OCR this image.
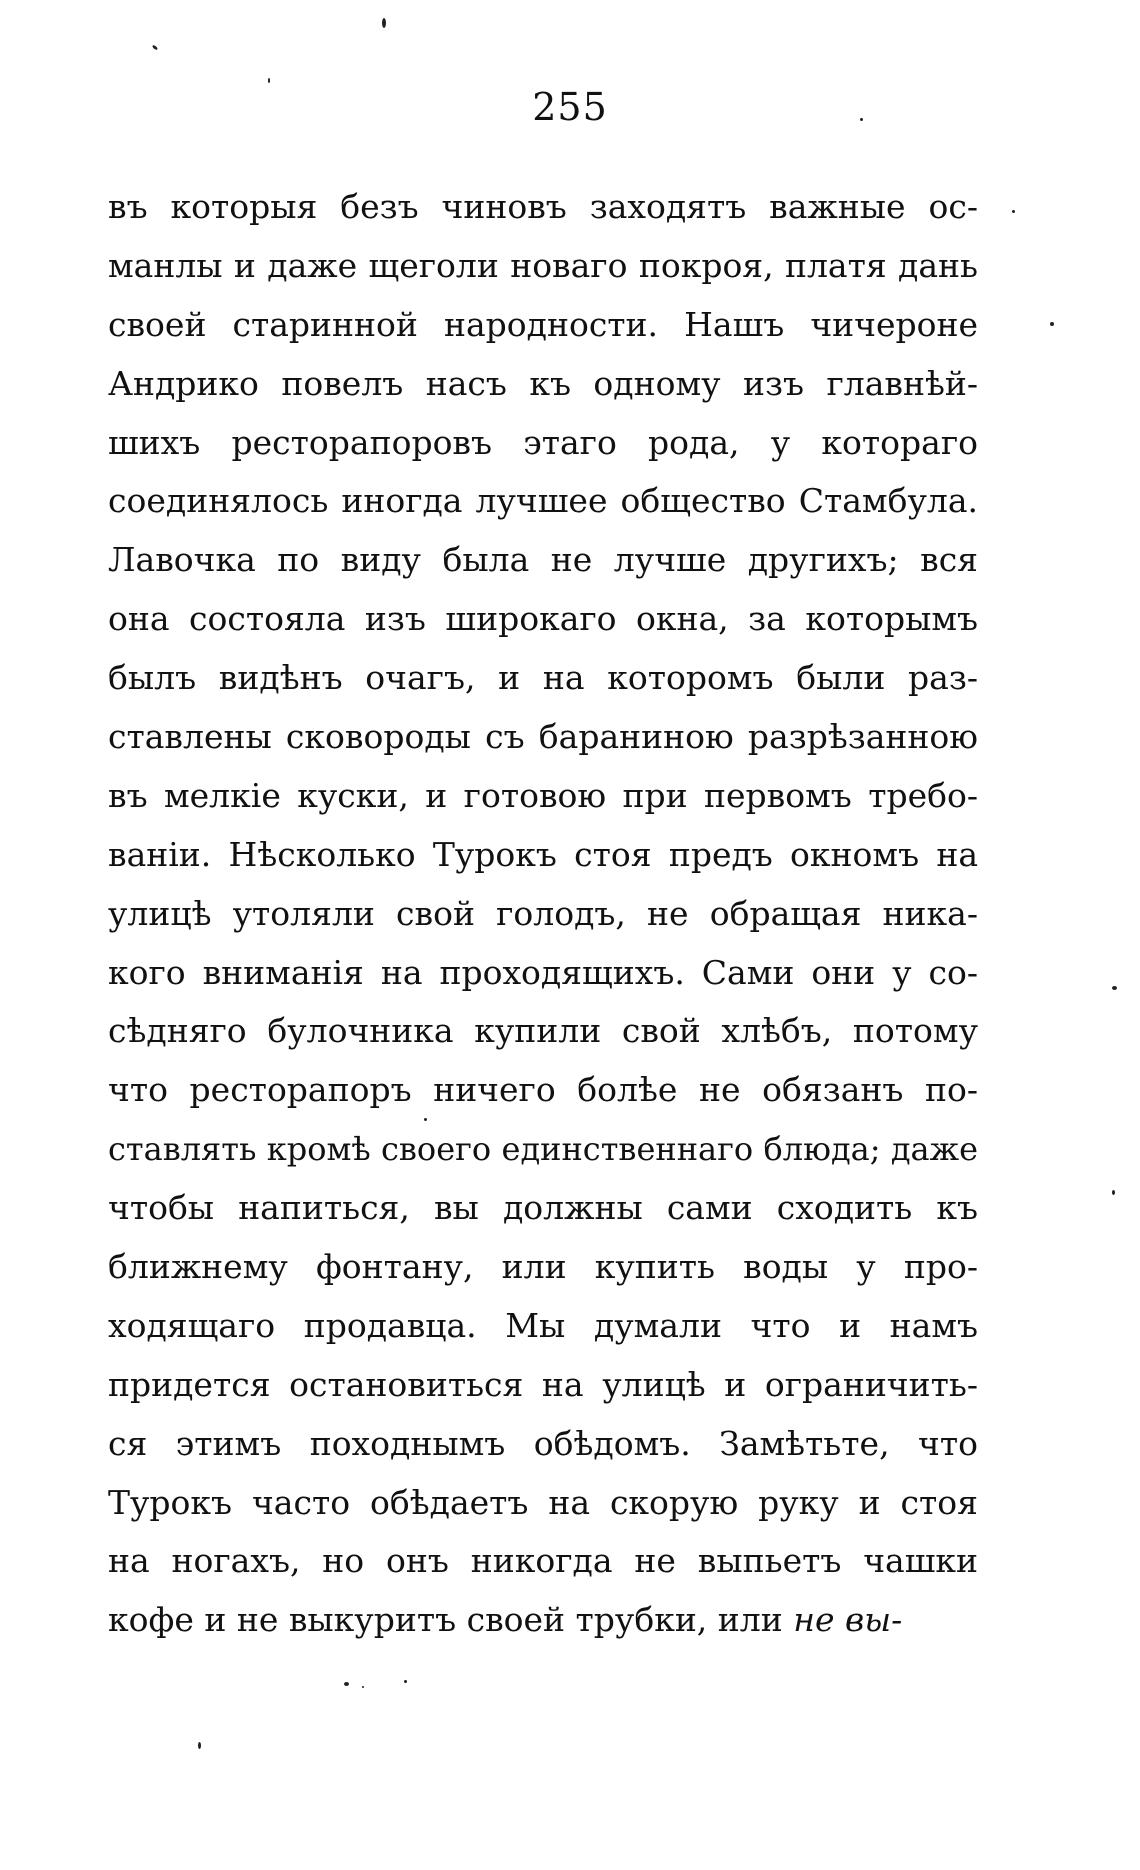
255
въ которыя безъ чиновъ заходятъ важные ос-
манлы и даже щеголи новаго покроя, платя дань
своей старинной народности. Нашъ чичероне
Андрико повелъ насъ къ одному изъ главнѣй-
шихъ ресторапоровъ этаго рода, у котораго
соединялось иногда лучшее общество Стамбула.
Лавочка по виду была не лучше другихъ; вся
она состояла изъ широкаго окна, за которымъ
былъ видѣнъ очагъ, и на которомъ были раз-
ставлены сковороды съ бараниною разрѣзанною
въ мелкіе куски, и готовою при первомъ требо-
ваніи. Нѣсколько Турокъ стоя предъ окномъ на
улицѣ утоляли свой голодъ, не обращая ника-
кого вниманія на проходящихъ. Сами они у со-
сѣдняго булочника купили свой хлѣбъ, потому
что ресторапоръ ничего болѣе не обязанъ по-
ставлять кромѣ своего единственнаго блюда; даже
чтобы напиться, вы должны сами сходить къ
ближнему фонтану, или купить воды у про-
ходящаго продавца. Мы думали что и намъ
придется остановиться на улицѣ и ограничить-
ся этимъ походнымъ обѣдомъ. Замѣтьте, что
Турокъ часто обѣдаетъ на скорую руку и стоя
на ногахъ, но онъ никогда не выпьетъ чашки
кофе и не выкуритъ своей трубки, или не вы-
